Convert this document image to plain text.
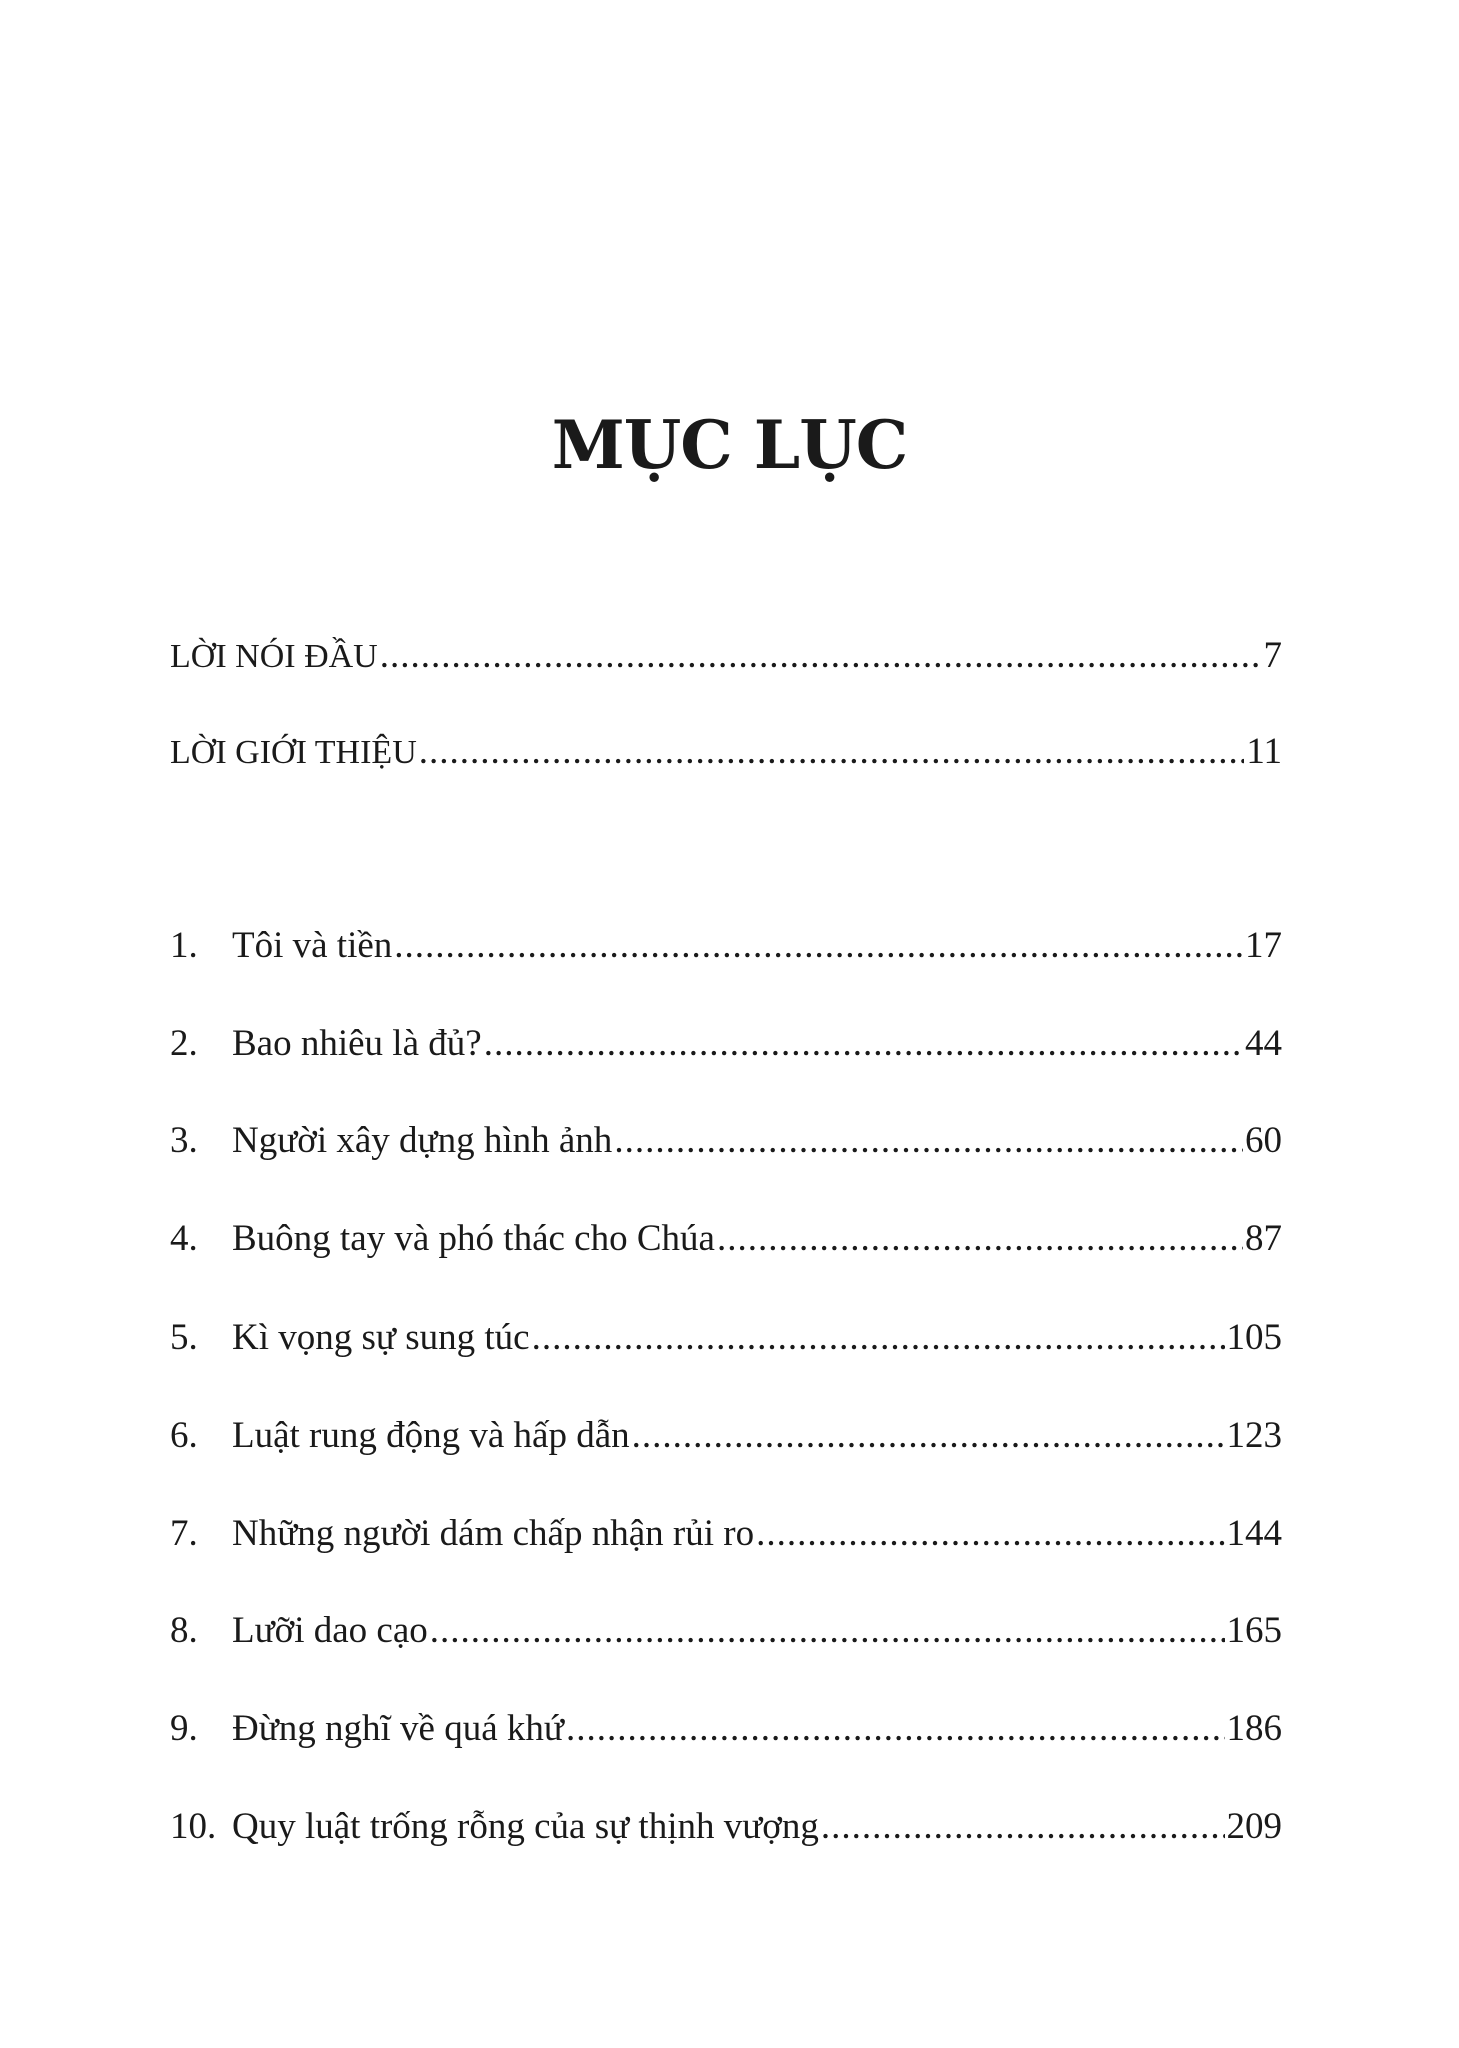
MỤC LỤC
LỜI NÓI ĐẦU .....	7
LỜI GIỚI THIỆU .....	11
1. Tôi và tiền .....	17
2. Bao nhiêu là đủ? .....	44
3. Người xây dựng hình ảnh .....	60
4. Buông tay và phó thác cho Chúa .....	87
5. Kì vọng sự sung túc .....	105
6. Luật rung động và hấp dẫn .....	123
7. Những người dám chấp nhận rủi ro .....	144
8. Lưỡi dao cạo .....	165
9. Đừng nghĩ về quá khứ .....	186
10. Quy luật trống rỗng của sự thịnh vượng .....	209
